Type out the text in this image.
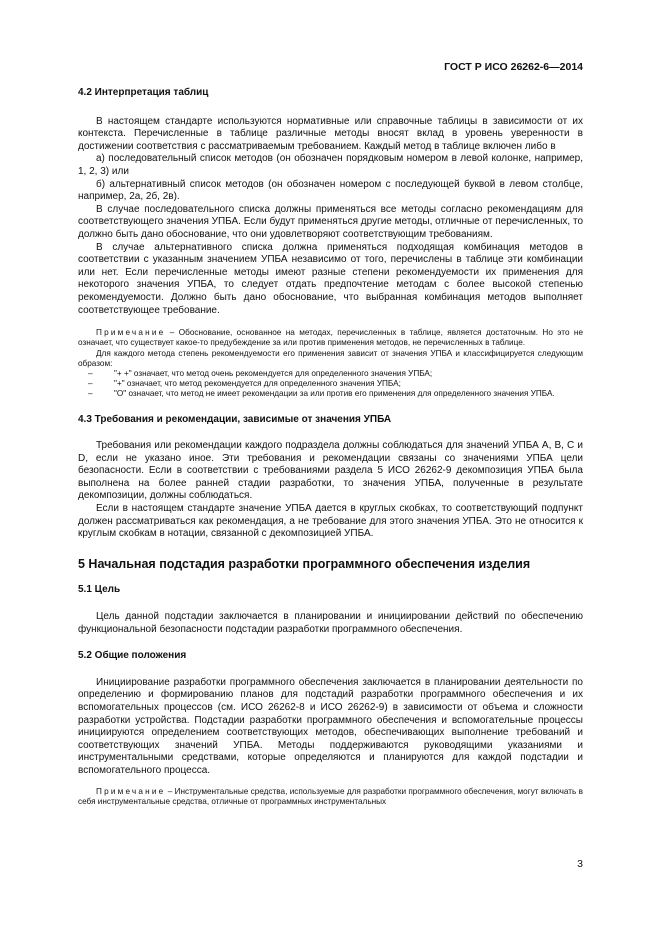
ГОСТ Р ИСО 26262-6—2014
4.2 Интерпретация таблиц

В настоящем стандарте используются нормативные или справочные таблицы в зависимости от их контекста. Перечисленные в таблице различные методы вносят вклад в уровень уверенности в достижении соответствия с рассматриваемым требованием. Каждый метод в таблице включен либо в

а) последовательный список методов (он обозначен порядковым номером в левой колонке, например, 1, 2, 3) или

б) альтернативный список методов (он обозначен номером с последующей буквой в левом столбце, например, 2а, 2б, 2в).

В случае последовательного списка должны применяться все методы согласно рекомендациям для соответствующего значения УПБА. Если будут применяться другие методы, отличные от перечисленных, то должно быть дано обоснование, что они удовлетворяют соответствующим требованиям.

В случае альтернативного списка должна применяться подходящая комбинация методов в соответствии с указанным значением УПБА независимо от того, перечислены в таблице эти комбинации или нет. Если перечисленные методы имеют разные степени рекомендуемости их применения для некоторого значения УПБА, то следует отдать предпочтение методам с более высокой степенью рекомендуемости. Должно быть дано обоснование, что выбранная комбинация методов выполняет соответствующее требование.

Примечание – Обоснование, основанное на методах, перечисленных в таблице, является достаточным. Но это не означает, что существует какое-то предубеждение за или против применения методов, не перечисленных в таблице.

Для каждого метода степень рекомендуемости его применения зависит от значения УПБА и классифицируется следующим образом:

–	"+ +" означает, что метод очень рекомендуется для определенного значения УПБА;
–	"+" означает, что метод рекомендуется для определенного значения УПБА;

–	"О" означает, что метод не имеет рекомендации за или против его применения для определенного значения УПБА.

4.3 Требования и рекомендации, зависимые от значения УПБА

Требования или рекомендации каждого подраздела должны соблюдаться для значений УПБА А, В, С и D, если не указано иное. Эти требования и рекомендации связаны со значениями УПБА цели безопасности. Если в соответствии с требованиями раздела 5 ИСО 26262-9 декомпозиция УПБА была выполнена на более ранней стадии разработки, то значения УПБА, полученные в результате декомпозиции, должны соблюдаться.

Если в настоящем стандарте значение УПБА дается в круглых скобках, то соответствующий подпункт должен рассматриваться как рекомендация, а не требование для этого значения УПБА. Это не относится к круглым скобкам в нотации, связанной с декомпозицией УПБА.

5 Начальная подстадия разработки программного обеспечения изделия
5.1 Цель

Цель данной подстадии заключается в планировании и инициировании действий по обеспечению функциональной безопасности подстадии разработки программного обеспечения.

5.2 Общие положения

Инициирование разработки программного обеспечения заключается в планировании деятельности по определению и формированию планов для подстадий разработки программного обеспечения и их вспомогательных процессов (см. ИСО 26262-8 и ИСО 26262-9) в зависимости от объема и сложности разработки устройства. Подстадии разработки программного обеспечения и вспомогательные процессы инициируются определением соответствующих методов, обеспечивающих выполнение требований и соответствующих значений УПБА. Методы поддерживаются руководящими указаниями и инструментальными средствами, которые определяются и планируются для каждой подстадии и вспомогательного процесса.

Примечание – Инструментальные средства, используемые для разработки программного обеспечения, могут включать в себя инструментальные средства, отличные от программных инструментальных

3
